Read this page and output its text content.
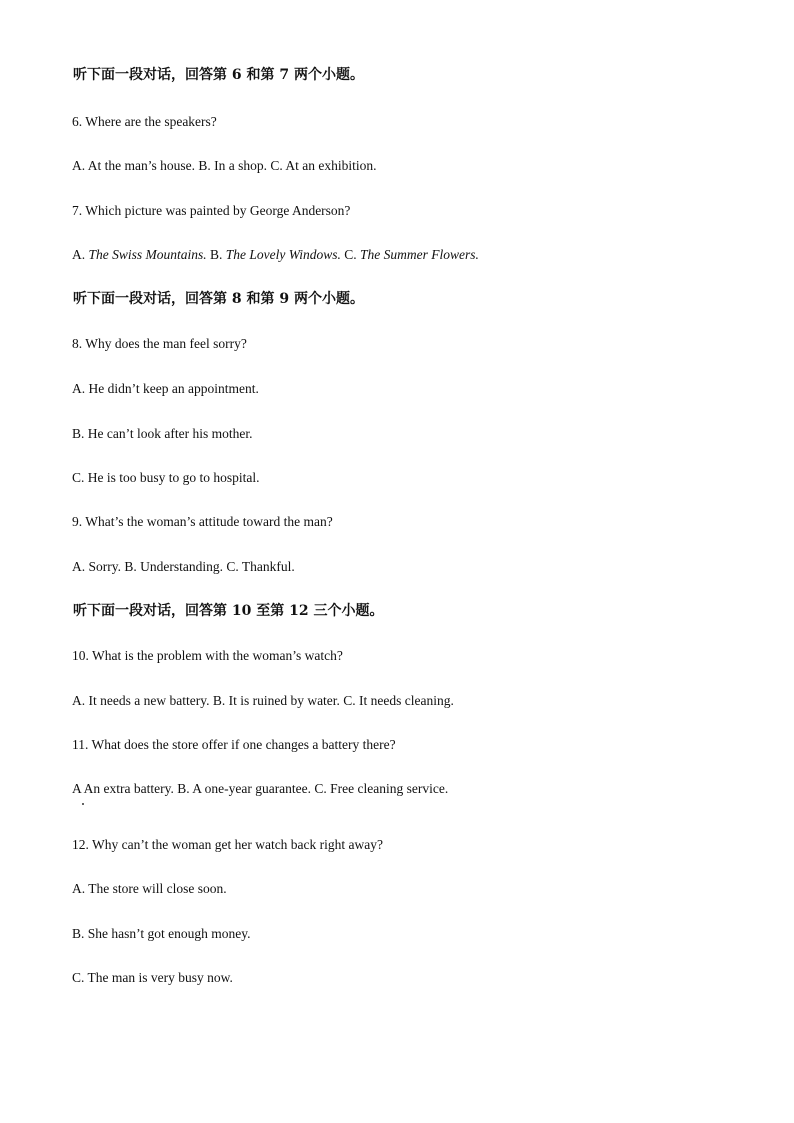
听下面一段对话，回答第 6 和第 7 两个小题。
6. Where are the speakers?
A. At the man’s house. B. In a shop. C. At an exhibition.
7. Which picture was painted by George Anderson?
A. The Swiss Mountains. B. The Lovely Windows. C. The Summer Flowers.
听下面一段对话，回答第 8 和第 9 两个小题。
8. Why does the man feel sorry?
A. He didn’t keep an appointment.
B. He can’t look after his mother.
C. He is too busy to go to hospital.
9. What’s the woman’s attitude toward the man?
A. Sorry. B. Understanding. C. Thankful.
听下面一段对话，回答第 10 至第 12 三个小题。
10. What is the problem with the woman’s watch?
A. It needs a new battery. B. It is ruined by water. C. It needs cleaning.
11. What does the store offer if one changes a battery there?
A An extra battery. B. A one-year guarantee. C. Free cleaning service.
12. Why can’t the woman get her watch back right away?
A. The store will close soon.
B. She hasn’t got enough money.
C. The man is very busy now.
